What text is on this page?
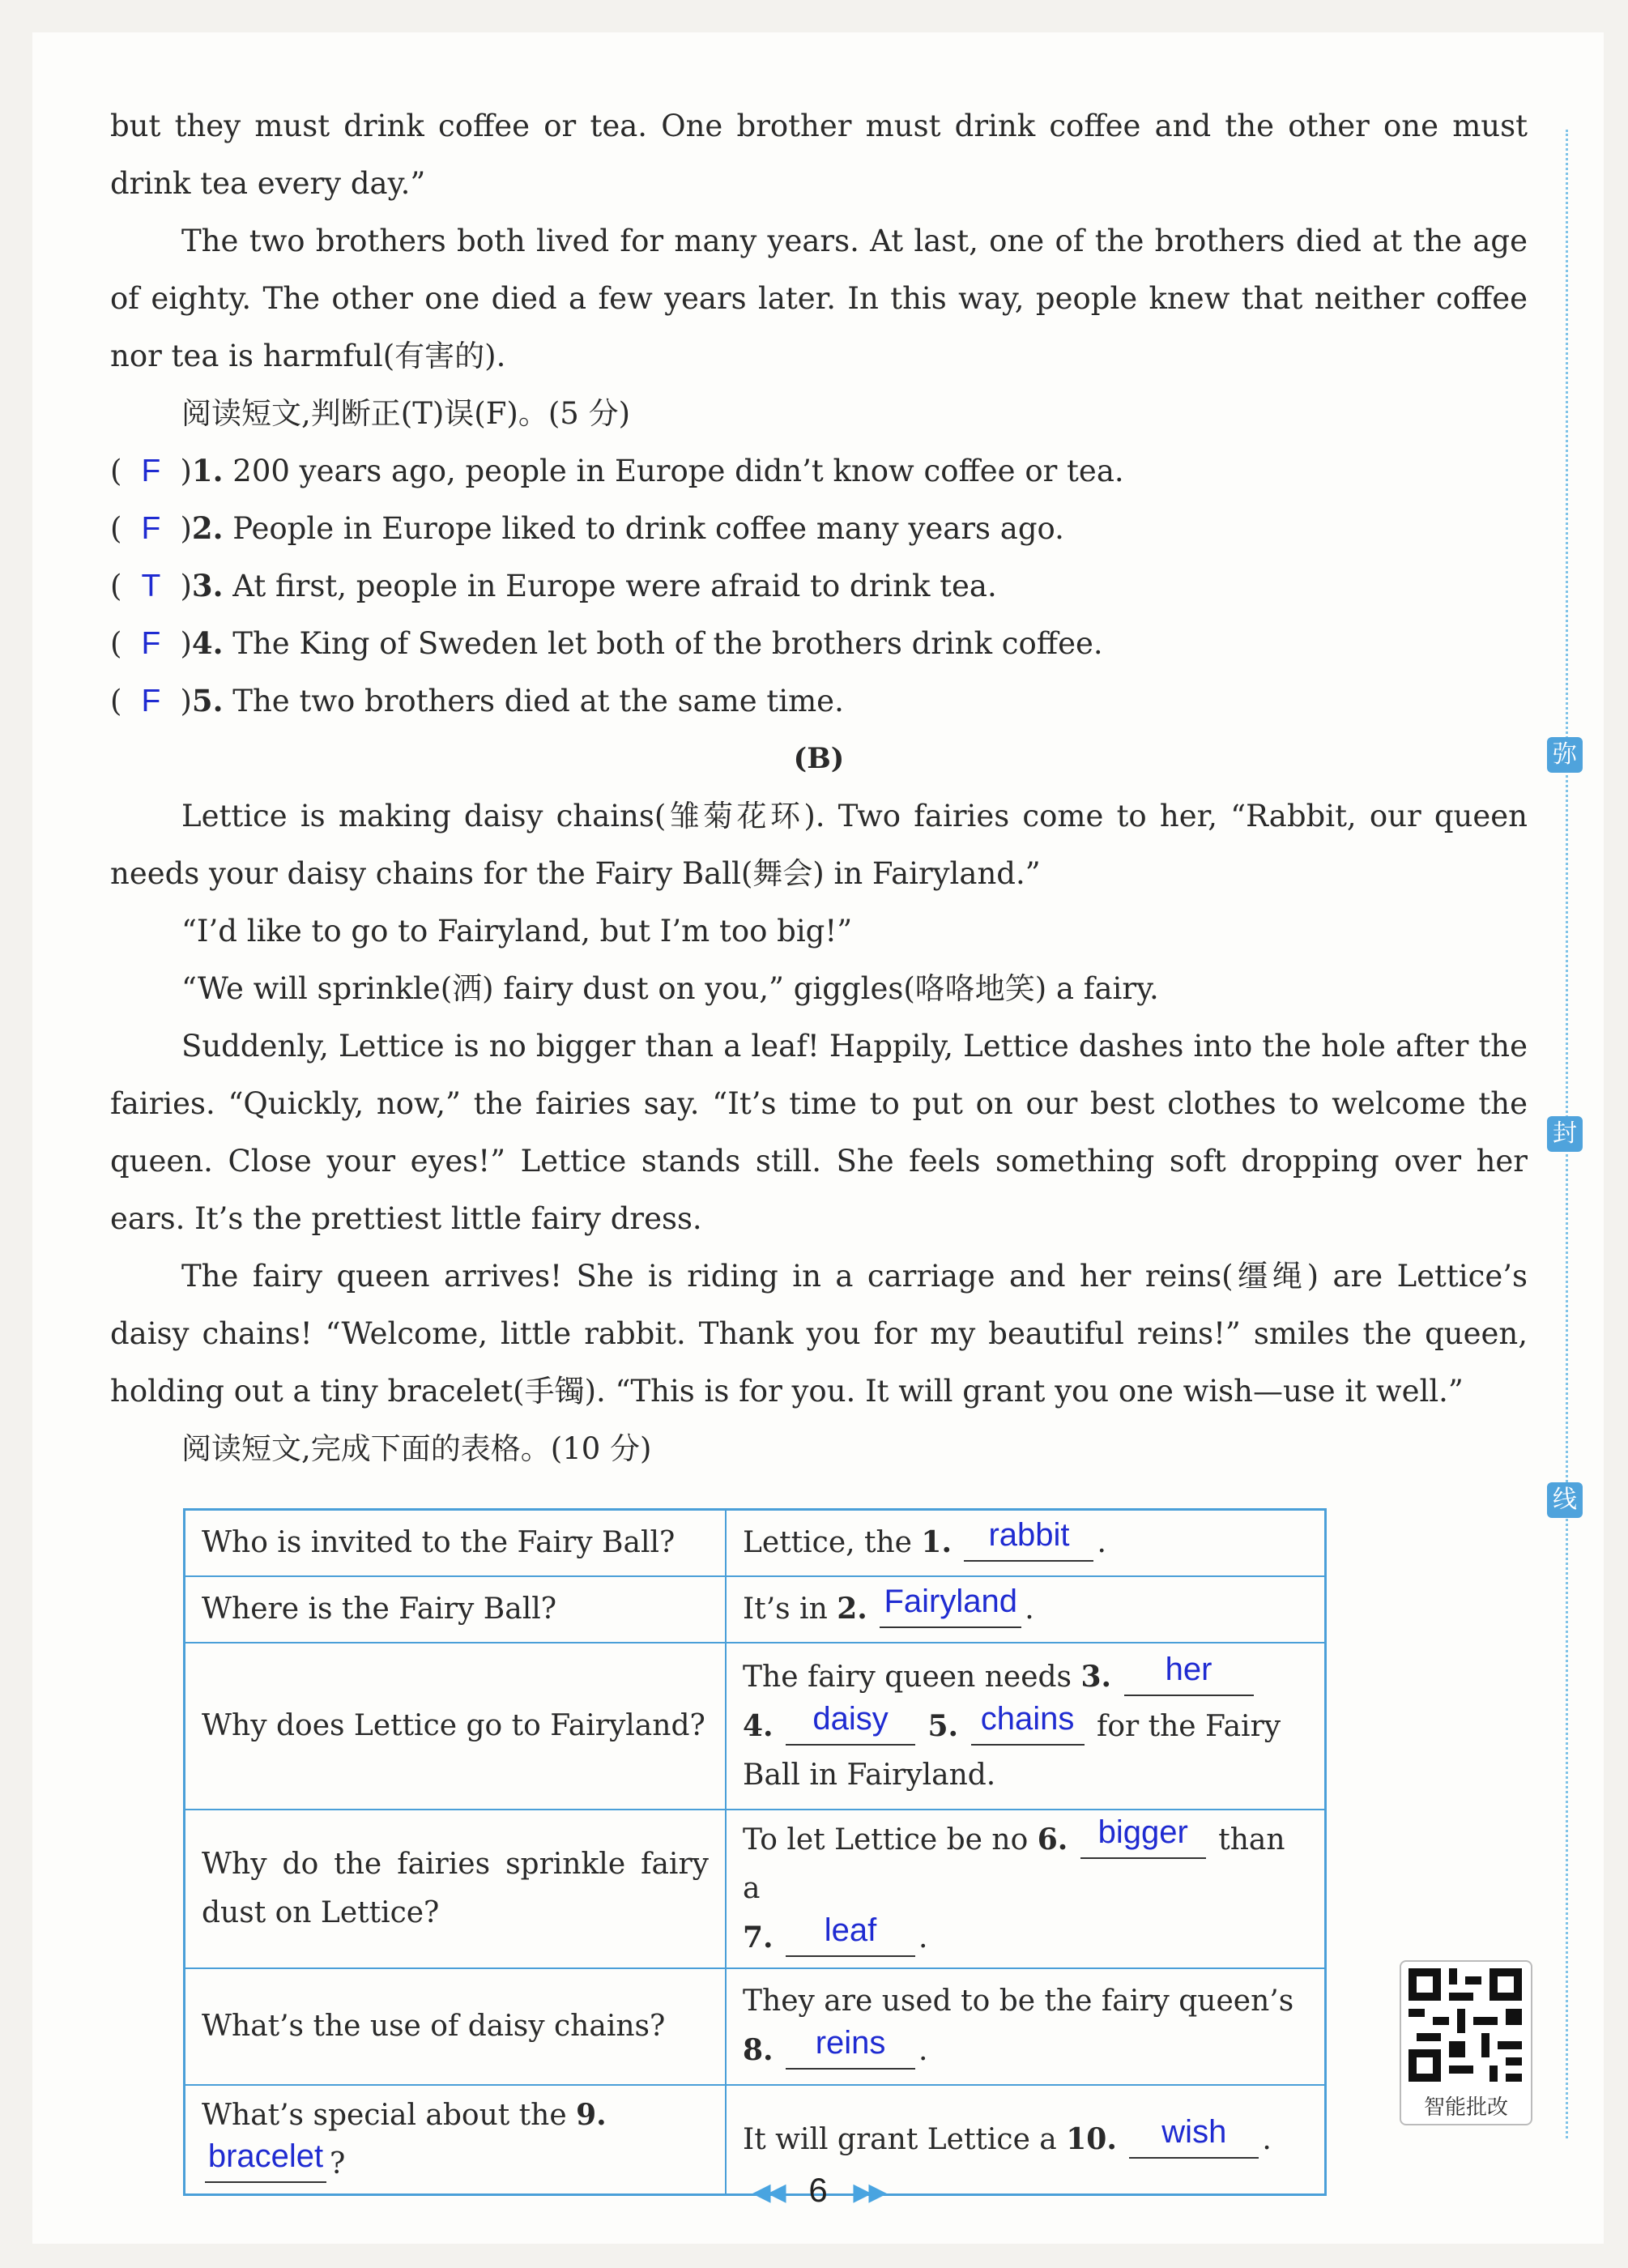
but they must drink coffee or tea. One brother must drink coffee and the other one must drink tea every day.”

The two brothers both lived for many years. At last, one of the brothers died at the age of eighty. The other one died a few years later. In this way, people knew that neither coffee nor tea is harmful(有害的).

阅读短文,判断正(T)误(F)。(5 分)

( F )1. 200 years ago, people in Europe didn’t know coffee or tea.

( F )2. People in Europe liked to drink coffee many years ago.

( T )3. At first, people in Europe were afraid to drink tea.

( F )4. The King of Sweden let both of the brothers drink coffee.

( F )5. The two brothers died at the same time.

(B)

Lettice is making daisy chains(雏菊花环). Two fairies come to her, “Rabbit, our queen needs your daisy chains for the Fairy Ball(舞会) in Fairyland.”

“I’d like to go to Fairyland, but I’m too big!”

“We will sprinkle(洒) fairy dust on you,” giggles(咯咯地笑) a fairy.

Suddenly, Lettice is no bigger than a leaf! Happily, Lettice dashes into the hole after the fairies. “Quickly, now,” the fairies say. “It’s time to put on our best clothes to welcome the queen. Close your eyes!” Lettice stands still. She feels something soft dropping over her ears. It’s the prettiest little fairy dress.

The fairy queen arrives! She is riding in a carriage and her reins(缰绳) are Lettice’s daisy chains! “Welcome, little rabbit. Thank you for my beautiful reins!” smiles the queen, holding out a tiny bracelet(手镯). “This is for you. It will grant you one wish—use it well.”

阅读短文,完成下面的表格。(10 分)

Who is invited to the Fairy Ball?	Lettice, the 1. rabbit .
Where is the Fairy Ball?	It’s in 2. Fairyland .
Why does Lettice go to Fairyland?	The fairy queen needs 3. her
4. daisy 5. chains for the Fairy Ball in Fairyland.
Why do the fairies sprinkle fairy dust on Lettice?	To let Lettice be no 6. bigger than a
7. leaf .
What’s the use of daisy chains?	They are used to be the fairy queen’s
8. reins .
What’s special about the 9. bracelet ?	It will grant Lettice a 10. wish .
弥
封
线
智能批改
◀◀ 6 ▶▶
